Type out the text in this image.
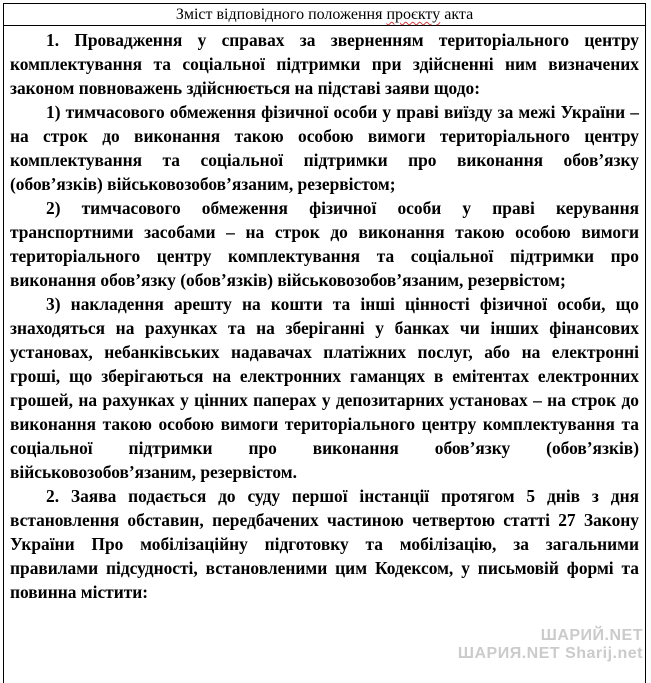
Зміст відповідного положення проєкту акта

1. Провадження у справах за зверненням територіального центру комплектування та соціальної підтримки при здійсненні ним визначених законом повноважень здійснюється на підставі заяви щодо:

1) тимчасового обмеження фізичної особи у праві виїзду за межі України – на строк до виконання такою особою вимоги територіального центру комплектування та соціальної підтримки про виконання обов’язку (обов’язків) військовозобов’язаним, резервістом;

2) тимчасового обмеження фізичної особи у праві керування транспортними засобами – на строк до виконання такою особою вимоги територіального центру комплектування та соціальної підтримки про виконання обов’язку (обов’язків) військовозобов’язаним, резервістом;

3) накладення арешту на кошти та інші цінності фізичної особи, що знаходяться на рахунках та на зберіганні у банках чи інших фінансових установах, небанківських надавачах платіжних послуг, або на електронні гроші, що зберігаються на електронних гаманцях в емітентах електронних грошей, на рахунках у цінних паперах у депозитарних установах – на строк до виконання такою особою вимоги територіального центру комплектування та соціальної підтримки про виконання обов’язку (обов’язків) військовозобов’язаним, резервістом.

2. Заява подається до суду першої інстанції протягом 5 днів з дня встановлення обставин, передбачених частиною четвертою статті 27 Закону України Про мобілізаційну підготовку та мобілізацію, за загальними правилами підсудності, встановленими цим Кодексом, у письмовій формі та повинна містити:

ШАРИЙ.NET
ШАРИЯ.NET Sharij.net
